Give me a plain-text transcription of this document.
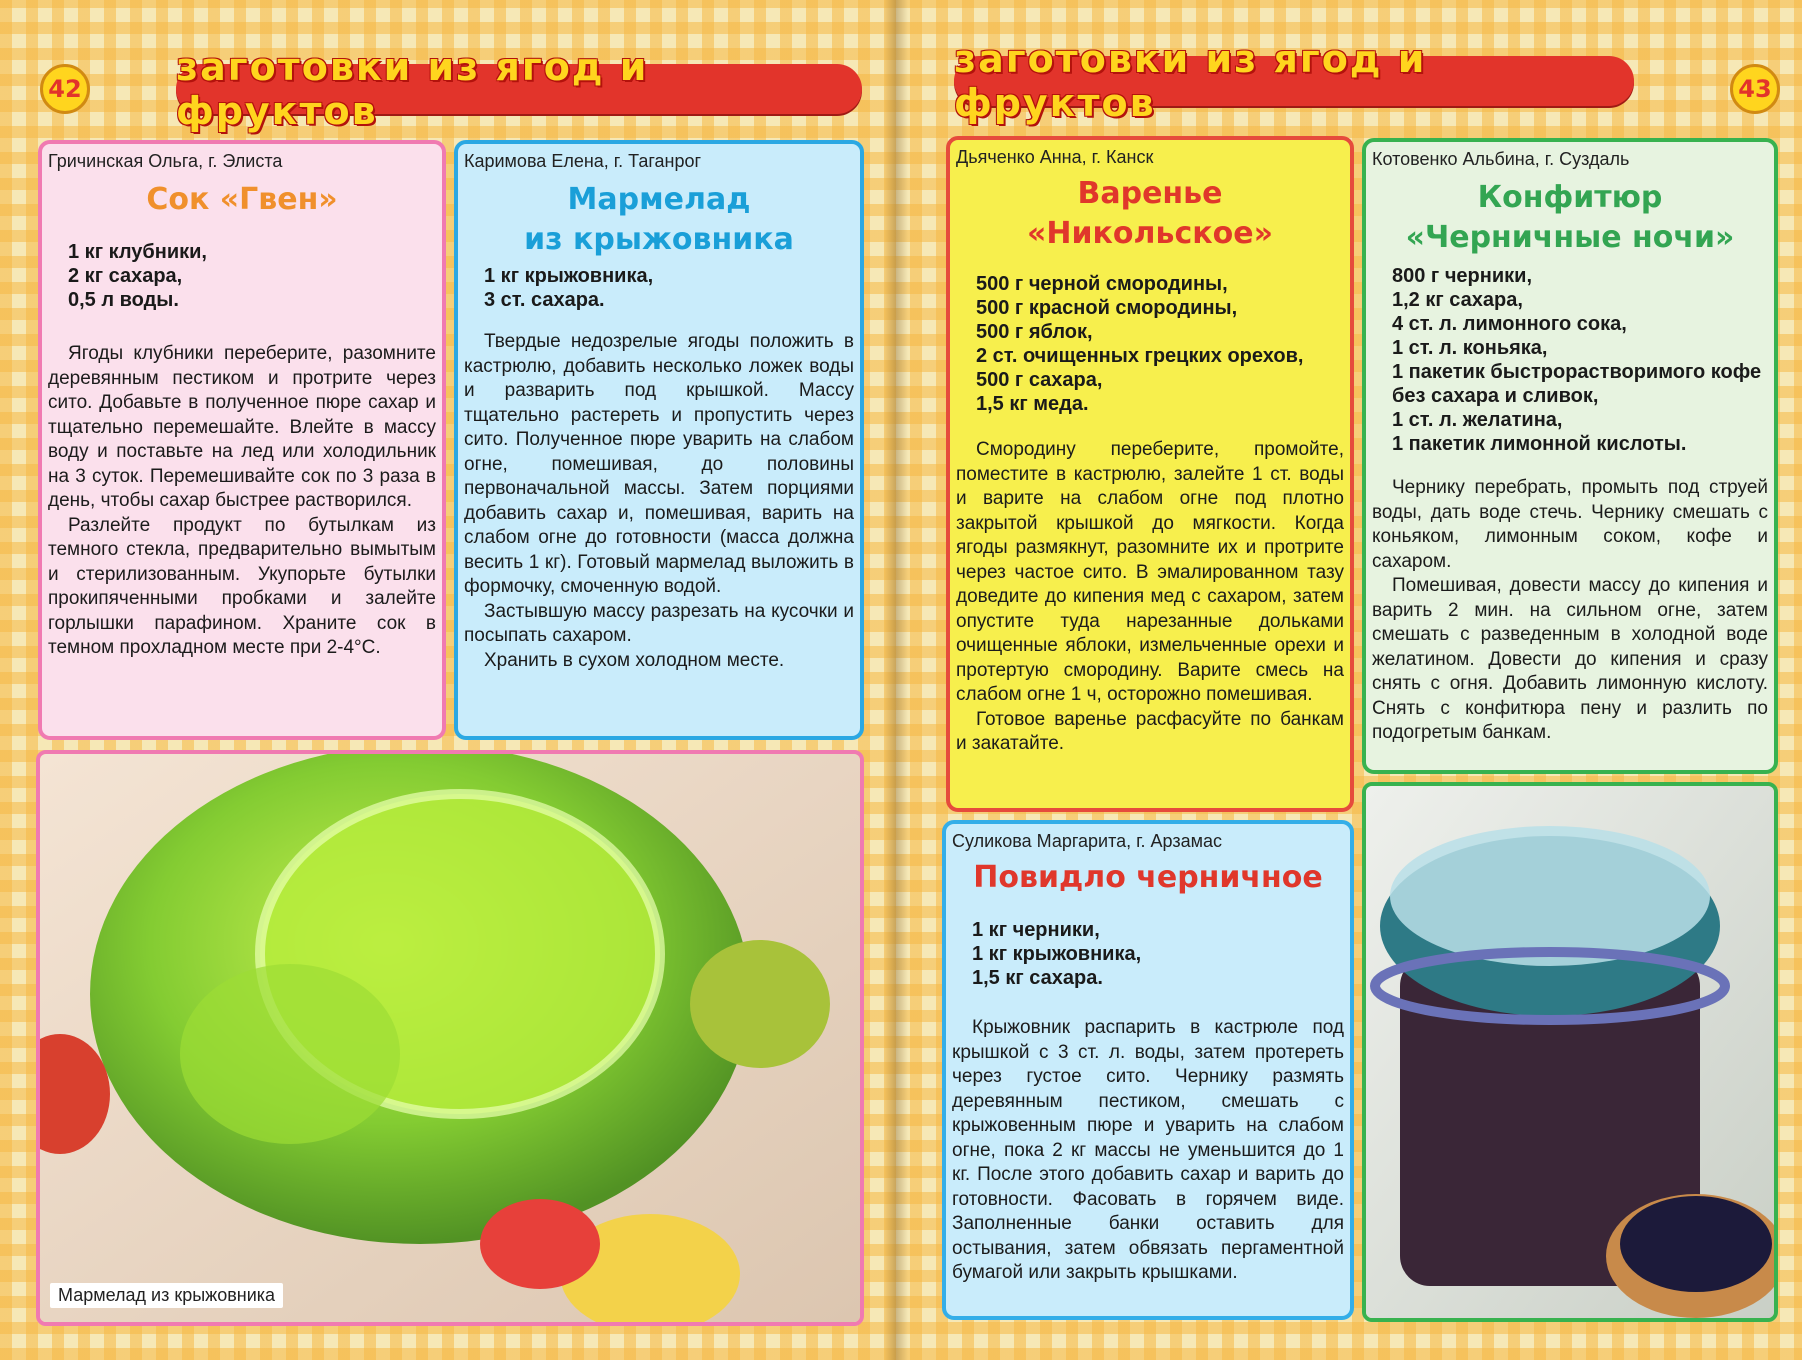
заготовки из ягод и фруктов
42
Гричинская Ольга, г. Элиста
Сок «Гвен»
1 кг клубники,
2 кг сахара,
0,5 л воды.

Ягоды клубники переберите, разомните деревянным пестиком и протрите через сито. Добавьте в полученное пюре сахар и тщательно перемешайте. Влейте в массу воду и поставьте на лед или холодильник на 3 суток. Перемешивайте сок по 3 раза в день, чтобы сахар быстрее растворился.

Разлейте продукт по бутылкам из темного стекла, предварительно вымытым и стерилизованным. Укупорьте бутылки прокипяченными пробками и залейте горлышки парафином. Храните сок в темном прохладном месте при 2-4°С.

Каримова Елена, г. Таганрог
Мармелад
из крыжовника
1 кг крыжовника,
3 ст. сахара.

Твердые недозрелые ягоды положить в кастрюлю, добавить несколько ложек воды и разварить под крышкой. Массу тщательно растереть и пропустить через сито. Полученное пюре уварить на слабом огне, помешивая, до половины первоначальной массы. Затем порциями добавить сахар и, помешивая, варить на слабом огне до готовности (масса должна весить 1 кг). Готовый мармелад выложить в формочку, смоченную водой.

Застывшую массу разрезать на кусочки и посыпать сахаром.

Хранить в сухом холодном месте.

Мармелад из крыжовника
заготовки из ягод и фруктов	43
Дьяченко Анна, г. Канск
Варенье «Никольское»
500 г черной смородины,
500 г красной смородины,
500 г яблок,
2 ст. очищенных грецких орехов,
500 г сахара,
1,5 кг меда.

Смородину переберите, промойте, поместите в кастрюлю, залейте 1 ст. воды и варите на слабом огне под плотно закрытой крышкой до мягкости. Когда ягоды размякнут, разомните их и протрите через частое сито. В эмалированном тазу доведите до кипения мед с сахаром, затем опустите туда нарезанные дольками очищенные яблоки, измельченные орехи и протертую смородину. Варите смесь на слабом огне 1 ч, осторожно помешивая.

Готовое варенье расфасуйте по банкам и закатайте.

Котовенко Альбина, г. Суздаль
Конфитюр
«Черничные ночи»
800 г черники,
1,2 кг сахара,
4 ст. л. лимонного сока,
1 ст. л. коньяка,
1 пакетик быстрорастворимого кофе без сахара и сливок,
1 ст. л. желатина,
1 пакетик лимонной кислоты.

Чернику перебрать, промыть под струей воды, дать воде стечь. Чернику смешать с коньяком, лимонным соком, кофе и сахаром.

Помешивая, довести массу до кипения и варить 2 мин. на сильном огне, затем смешать с разведенным в холодной воде желатином. Довести до кипения и сразу снять с огня. Добавить лимонную кислоту. Снять с конфитюра пену и разлить по подогретым банкам.

Суликова Маргарита, г. Арзамас
Повидло черничное
1 кг черники,
1 кг крыжовника,
1,5 кг сахара.

Крыжовник распарить в кастрюле под крышкой с 3 ст. л. воды, затем протереть через густое сито. Чернику размять деревянным пестиком, смешать с крыжовенным пюре и уварить на слабом огне, пока 2 кг массы не уменьшится до 1 кг. После этого добавить сахар и варить до готовности. Фасовать в горячем виде. Заполненные банки оставить для остывания, затем обвязать пергаментной бумагой или закрыть крышками.
